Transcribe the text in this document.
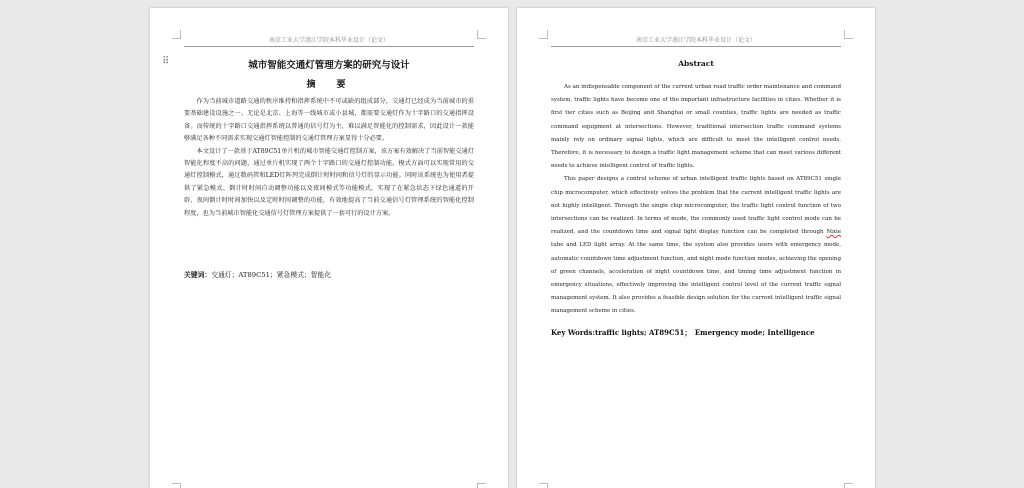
南京工业大学浦江学院本科毕业设计（论文）
⠿	城市智能交通灯管理方案的研究与设计
摘　要

作为当前城市道路交通的秩序维持和指挥系统中不可或缺的组成部分，交通灯已经成为当前城市的重要基础建设设施之一。无论是北京、上海等一线城市或小县城，都需要交通灯作为十字路口的交通指挥设备。而传统的十字路口交通指挥系统以普通的信号灯为主，难以满足智能化的控制需求，因此设计一款能够满足各种不同需求实现交通灯智能控制的交通灯管理方案显得十分必要。

本文设计了一款基于AT89C51单片机的城市智能交通灯控制方案，该方案有效解决了当前智能交通灯智能化程度不高的问题，通过单片机实现了两个十字路口的交通灯控制功能，模式方面可以实现常用的交通灯控制模式，通过数码管和LED灯阵列完成倒计时时间和信号灯的显示功能。同时该系统也为使用者提供了紧急模式、倒计时时间自动调整功能以及夜间模式等功能模式，实现了在紧急状态下绿色通道的开辟、夜间倒计时时间加快以及定时时间调整的功能，有效地提高了当前交通信号灯管理系统的智能化控制程度，也为当前城市智能化交通信号灯管理方案提供了一套可行的设计方案。

关键词：交通灯；AT89C51；紧急模式；智能化
南京工业大学浦江学院本科毕业设计（论文）
Abstract

As an indispensable component of the current urban road traffic order maintenance and command system, traffic lights have become one of the important infrastructure facilities in cities. Whether it is first tier cities such as Beijing and Shanghai or small counties, traffic lights are needed as traffic command equipment at intersections. However, traditional intersection traffic command systems mainly rely on ordinary signal lights, which are difficult to meet the intelligent control needs. Therefore, it is necessary to design a traffic light management scheme that can meet various different needs to achieve intelligent control of traffic lights.

This paper designs a control scheme of urban intelligent traffic lights based on AT89C51 single chip microcomputer, which effectively solves the problem that the current intelligent traffic lights are not highly intelligent. Through the single chip microcomputer, the traffic light control function of two intersections can be realized. In terms of mode, the commonly used traffic light control mode can be realized, and the countdown time and signal light display function can be completed through Nixie tube and LED light array. At the same time, the system also provides users with emergency mode, automatic countdown time adjustment function, and night mode function modes, achieving the opening of green channels, acceleration of night countdown time, and timing time adjustment function in emergency situations, effectively improving the intelligent control level of the current traffic signal management system. It also provides a feasible design solution for the current intelligent traffic signal management scheme in cities.

Key Words:traffic lights; AT89C51；　Emergency mode; Intelligence
